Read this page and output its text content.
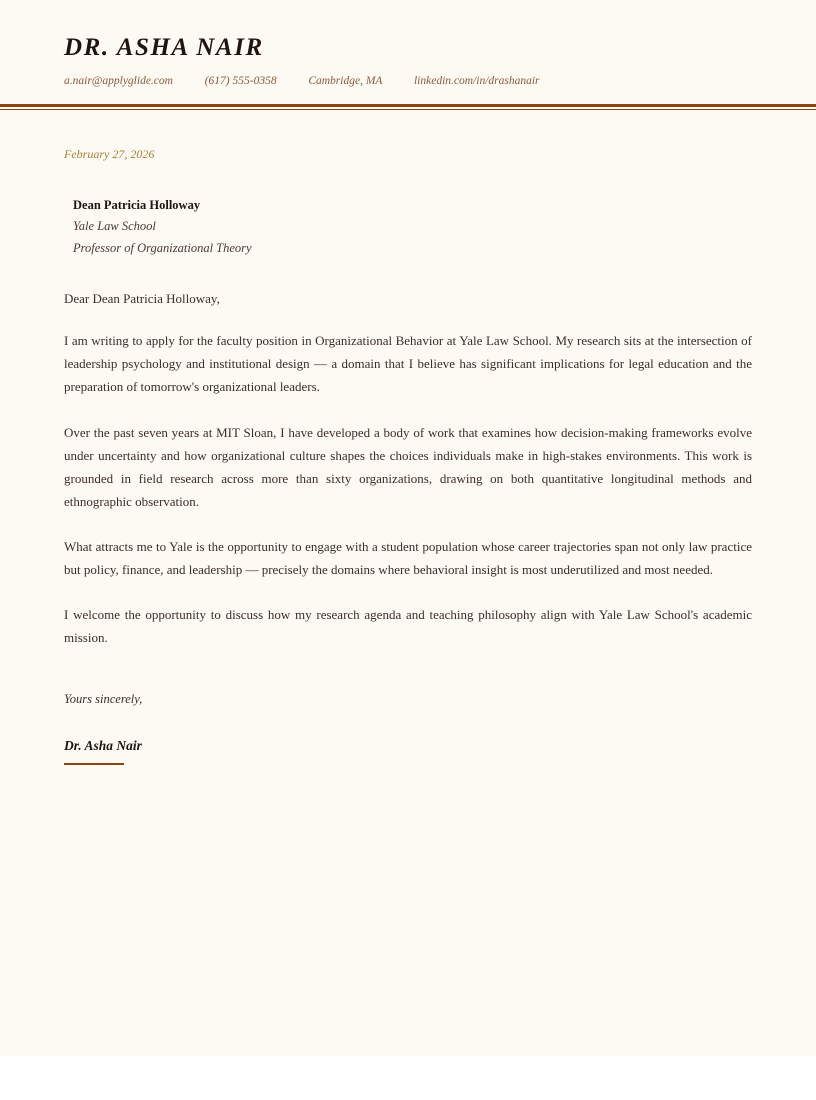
DR. ASHA NAIR
a.nair@applyglide.com	(617) 555-0358	Cambridge, MA	linkedin.com/in/drashanair
February 27, 2026
Dean Patricia Holloway
Yale Law School
Professor of Organizational Theory
Dear Dean Patricia Holloway,
I am writing to apply for the faculty position in Organizational Behavior at Yale Law School. My research sits at the intersection of leadership psychology and institutional design — a domain that I believe has significant implications for legal education and the preparation of tomorrow's organizational leaders.
Over the past seven years at MIT Sloan, I have developed a body of work that examines how decision-making frameworks evolve under uncertainty and how organizational culture shapes the choices individuals make in high-stakes environments. This work is grounded in field research across more than sixty organizations, drawing on both quantitative longitudinal methods and ethnographic observation.
What attracts me to Yale is the opportunity to engage with a student population whose career trajectories span not only law practice but policy, finance, and leadership — precisely the domains where behavioral insight is most underutilized and most needed.
I welcome the opportunity to discuss how my research agenda and teaching philosophy align with Yale Law School's academic mission.
Yours sincerely,
Dr. Asha Nair
